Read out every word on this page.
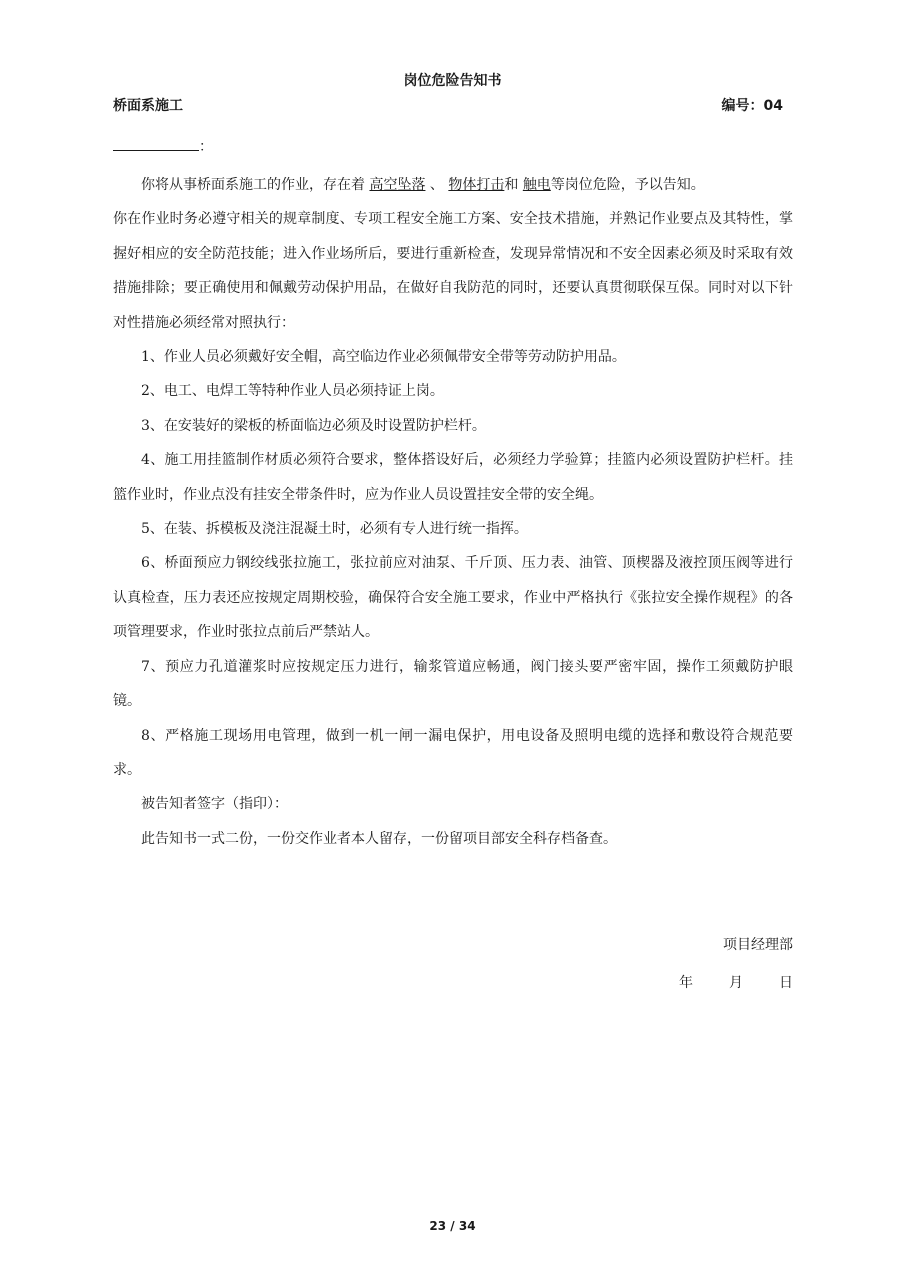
岗位危险告知书
桥面系施工	编号：04
：

你将从事桥面系施工的作业，存在着 高空坠落 、 物体打击和 触电等岗位危险，予以告知。

你在作业时务必遵守相关的规章制度、专项工程安全施工方案、安全技术措施，并熟记作业要点及其特性，掌握好相应的安全防范技能；进入作业场所后，要进行重新检查，发现异常情况和不安全因素必须及时采取有效措施排除；要正确使用和佩戴劳动保护用品，在做好自我防范的同时，还要认真贯彻联保互保。同时对以下针对性措施必须经常对照执行：

1、作业人员必须戴好安全帽，高空临边作业必须佩带安全带等劳动防护用品。

2、电工、电焊工等特种作业人员必须持证上岗。

3、在安装好的梁板的桥面临边必须及时设置防护栏杆。

4、施工用挂篮制作材质必须符合要求，整体搭设好后，必须经力学验算；挂篮内必须设置防护栏杆。挂篮作业时，作业点没有挂安全带条件时，应为作业人员设置挂安全带的安全绳。

5、在装、拆模板及浇注混凝土时，必须有专人进行统一指挥。

6、桥面预应力钢绞线张拉施工，张拉前应对油泵、千斤顶、压力表、油管、顶楔器及液控顶压阀等进行认真检查，压力表还应按规定周期校验，确保符合安全施工要求，作业中严格执行《张拉安全操作规程》的各项管理要求，作业时张拉点前后严禁站人。

7、预应力孔道灌浆时应按规定压力进行，输浆管道应畅通，阀门接头要严密牢固，操作工须戴防护眼镜。

8、严格施工现场用电管理，做到一机一闸一漏电保护，用电设备及照明电缆的选择和敷设符合规范要求。

被告知者签字（指印）：

此告知书一式二份，一份交作业者本人留存，一份留项目部安全科存档备查。

项目经理部
年	月	日
23 / 34
